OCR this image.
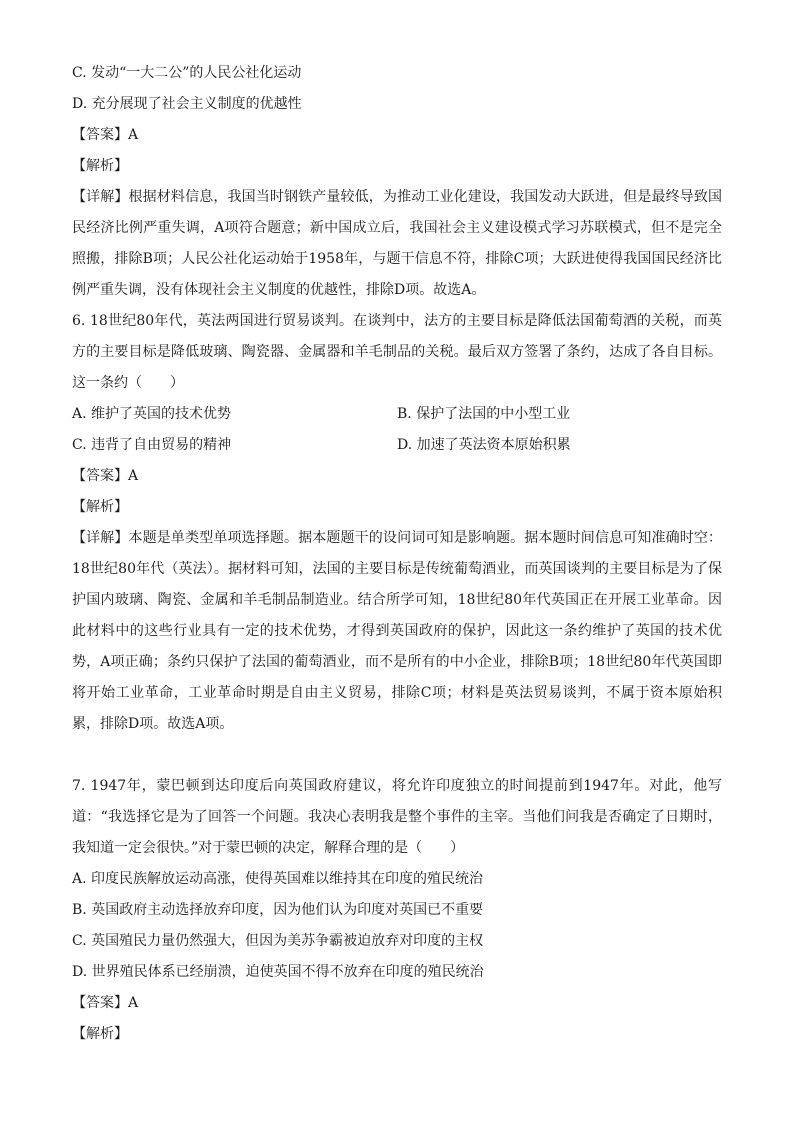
C. 发动“一大二公”的人民公社化运动
D. 充分展现了社会主义制度的优越性
【答案】A
【解析】
【详解】根据材料信息，我国当时钢铁产量较低，为推动工业化建设，我国发动大跃进，但是最终导致国民经济比例严重失调，A项符合题意；新中国成立后，我国社会主义建设模式学习苏联模式，但不是完全照搬，排除B项；人民公社化运动始于1958年，与题干信息不符，排除C项；大跃进使得我国国民经济比例严重失调，没有体现社会主义制度的优越性，排除D项。故选A。
6. 18世纪80年代，英法两国进行贸易谈判。在谈判中，法方的主要目标是降低法国葡萄酒的关税，而英方的主要目标是降低玻璃、陶瓷器、金属器和羊毛制品的关税。最后双方签署了条约，达成了各自目标。这一条约（　　）
A. 维护了英国的技术优势	B. 保护了法国的中小型工业
C. 违背了自由贸易的精神	D. 加速了英法资本原始积累
【答案】A
【解析】
【详解】本题是单类型单项选择题。据本题题干的设问词可知是影响题。据本题时间信息可知准确时空：18世纪80年代（英法）。据材料可知，法国的主要目标是传统葡萄酒业，而英国谈判的主要目标是为了保护国内玻璃、陶瓷、金属和羊毛制品制造业。结合所学可知，18世纪80年代英国正在开展工业革命。因此材料中的这些行业具有一定的技术优势，才得到英国政府的保护，因此这一条约维护了英国的技术优势，A项正确；条约只保护了法国的葡萄酒业，而不是所有的中小企业，排除B项；18世纪80年代英国即将开始工业革命，工业革命时期是自由主义贸易，排除C项；材料是英法贸易谈判，不属于资本原始积累，排除D项。故选A项。
7. 1947年，蒙巴顿到达印度后向英国政府建议，将允许印度独立的时间提前到1947年。对此，他写道：“我选择它是为了回答一个问题。我决心表明我是整个事件的主宰。当他们问我是否确定了日期时，我知道一定会很快。”对于蒙巴顿的决定，解释合理的是（　　）
A. 印度民族解放运动高涨，使得英国难以维持其在印度的殖民统治
B. 英国政府主动选择放弃印度，因为他们认为印度对英国已不重要
C. 英国殖民力量仍然强大，但因为美苏争霸被迫放弃对印度的主权
D. 世界殖民体系已经崩溃，迫使英国不得不放弃在印度的殖民统治
【答案】A
【解析】
